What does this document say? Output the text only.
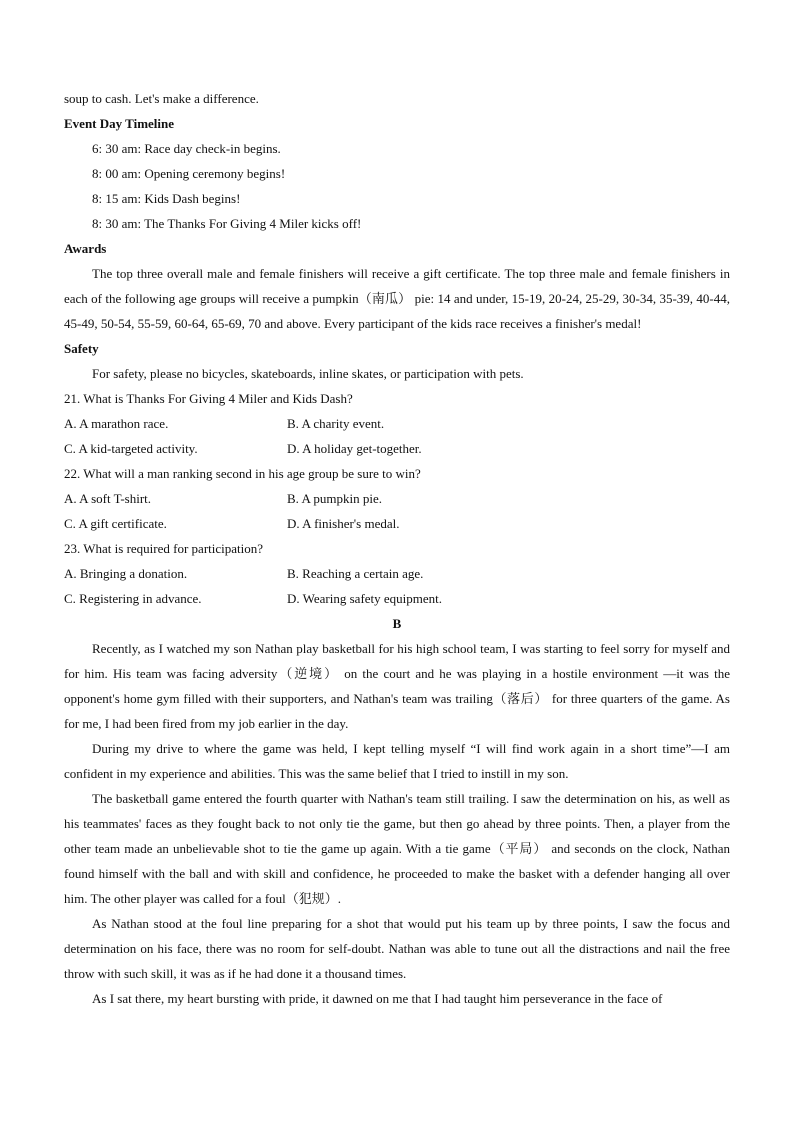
soup to cash. Let's make a difference.
Event Day Timeline
6: 30 am: Race day check-in begins.
8: 00 am: Opening ceremony begins!
8: 15 am: Kids Dash begins!
8: 30 am: The Thanks For Giving 4 Miler kicks off!
Awards
The top three overall male and female finishers will receive a gift certificate. The top three male and female finishers in each of the following age groups will receive a pumpkin（南瓜） pie: 14 and under, 15-19, 20-24, 25-29, 30-34, 35-39, 40-44, 45-49, 50-54, 55-59, 60-64, 65-69, 70 and above. Every participant of the kids race receives a finisher's medal!
Safety
For safety, please no bicycles, skateboards, inline skates, or participation with pets.
21. What is Thanks For Giving 4 Miler and Kids Dash?
A. A marathon race.	B. A charity event.
C. A kid-targeted activity.	D. A holiday get-together.
22. What will a man ranking second in his age group be sure to win?
A. A soft T-shirt.	B. A pumpkin pie.
C. A gift certificate.	D. A finisher's medal.
23. What is required for participation?
A. Bringing a donation.	B. Reaching a certain age.
C. Registering in advance.	D. Wearing safety equipment.
B
Recently, as I watched my son Nathan play basketball for his high school team, I was starting to feel sorry for myself and for him. His team was facing adversity（逆境） on the court and he was playing in a hostile environment —it was the opponent's home gym filled with their supporters, and Nathan's team was trailing（落后） for three quarters of the game. As for me, I had been fired from my job earlier in the day.
During my drive to where the game was held, I kept telling myself “I will find work again in a short time”—I am confident in my experience and abilities. This was the same belief that I tried to instill in my son.
The basketball game entered the fourth quarter with Nathan's team still trailing. I saw the determination on his, as well as his teammates' faces as they fought back to not only tie the game, but then go ahead by three points. Then, a player from the other team made an unbelievable shot to tie the game up again. With a tie game（平局） and seconds on the clock, Nathan found himself with the ball and with skill and confidence, he proceeded to make the basket with a defender hanging all over him. The other player was called for a foul（犯规）.
As Nathan stood at the foul line preparing for a shot that would put his team up by three points, I saw the focus and determination on his face, there was no room for self-doubt. Nathan was able to tune out all the distractions and nail the free throw with such skill, it was as if he had done it a thousand times.
As I sat there, my heart bursting with pride, it dawned on me that I had taught him perseverance in the face of
